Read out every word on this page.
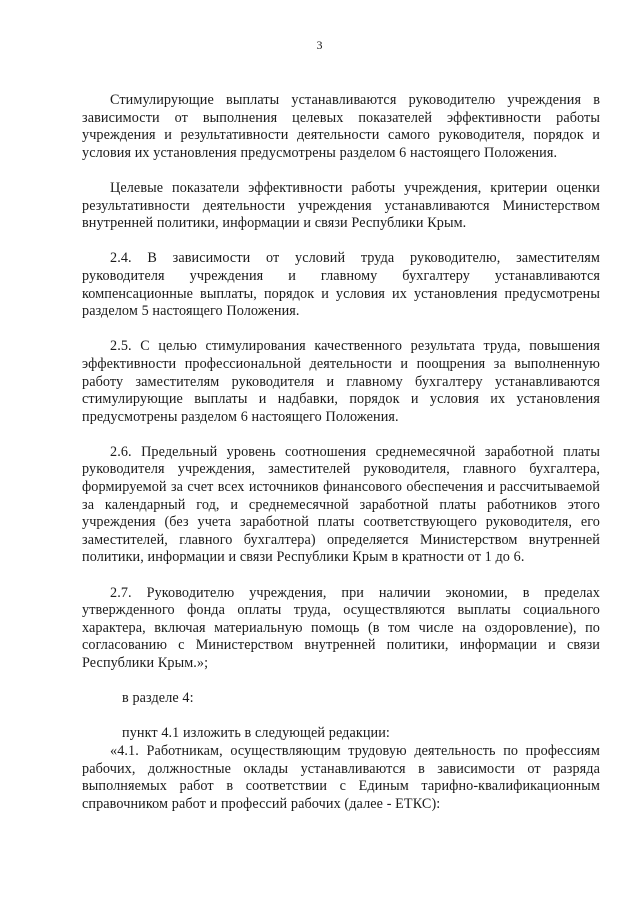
3

Стимулирующие выплаты устанавливаются руководителю учреждения в зависимости от выполнения целевых показателей эффективности работы учреждения и результативности деятельности самого руководителя, порядок и условия их установления предусмотрены разделом 6 настоящего Положения.

Целевые показатели эффективности работы учреждения, критерии оценки результативности деятельности учреждения устанавливаются Министерством внутренней политики, информации и связи Республики Крым.

2.4. В зависимости от условий труда руководителю, заместителям руководителя учреждения и главному бухгалтеру устанавливаются компенсационные выплаты, порядок и условия их установления предусмотрены разделом 5 настоящего Положения.

2.5. С целью стимулирования качественного результата труда, повышения эффективности профессиональной деятельности и поощрения за выполненную работу заместителям руководителя и главному бухгалтеру устанавливаются стимулирующие выплаты и надбавки, порядок и условия их установления предусмотрены разделом 6 настоящего Положения.

2.6. Предельный уровень соотношения среднемесячной заработной платы руководителя учреждения, заместителей руководителя, главного бухгалтера, формируемой за счет всех источников финансового обеспечения и рассчитываемой за календарный год, и среднемесячной заработной платы работников этого учреждения (без учета заработной платы соответствующего руководителя, его заместителей, главного бухгалтера) определяется Министерством внутренней политики, информации и связи Республики Крым в кратности от 1 до 6.

2.7. Руководителю учреждения, при наличии экономии, в пределах утвержденного фонда оплаты труда, осуществляются выплаты социального характера, включая материальную помощь (в том числе на оздоровление), по согласованию с Министерством внутренней политики, информации и связи Республики Крым.»;

в разделе 4:

пункт 4.1 изложить в следующей редакции:

«4.1. Работникам, осуществляющим трудовую деятельность по профессиям рабочих, должностные оклады устанавливаются в зависимости от разряда выполняемых работ в соответствии с Единым тарифно-квалификационным справочником работ и профессий рабочих (далее - ЕТКС):
